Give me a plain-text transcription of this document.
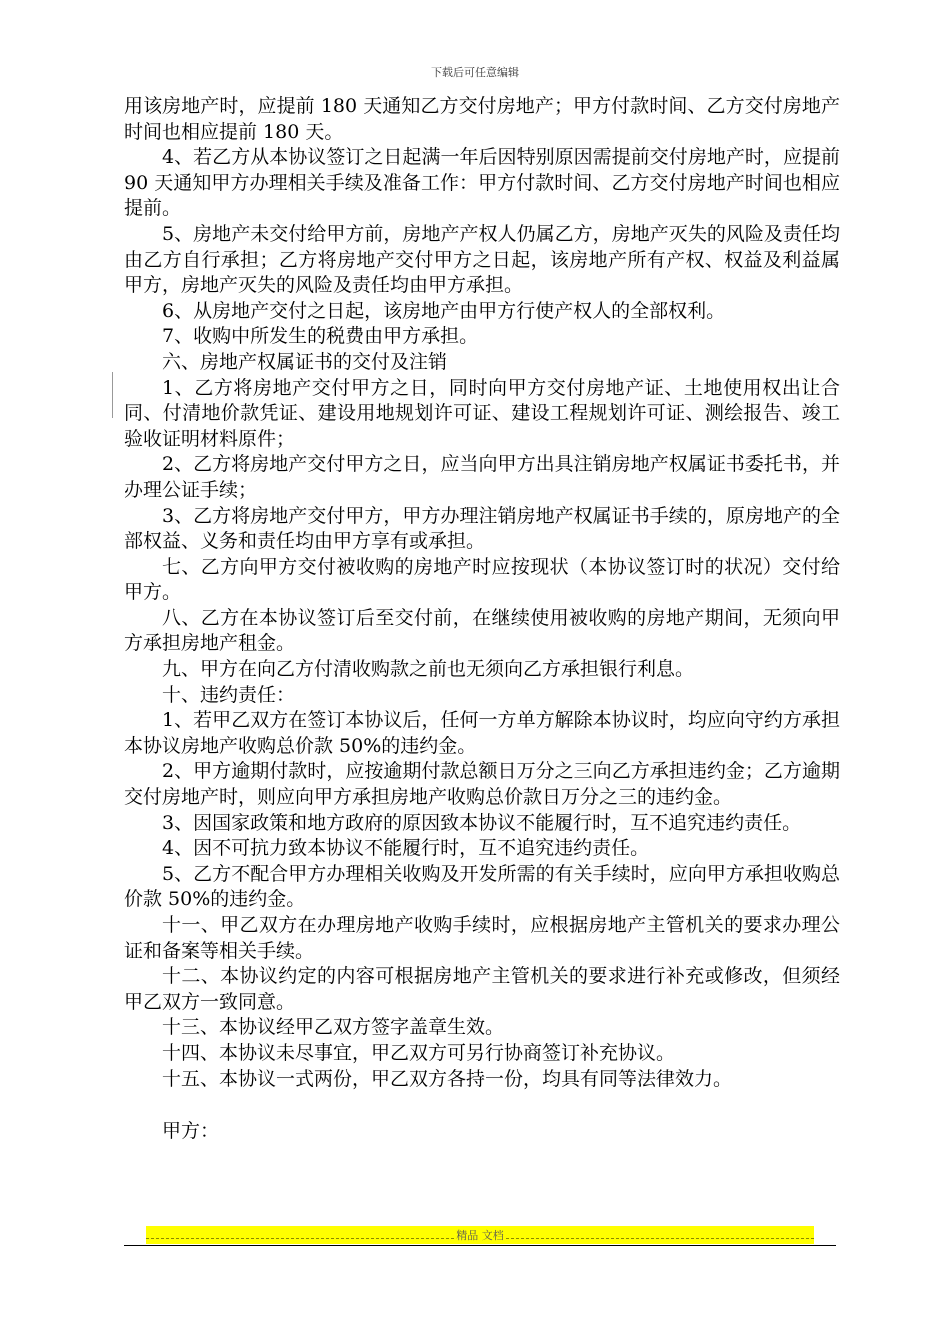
下载后可任意编辑

用该房地产时，应提前 180 天通知乙方交付房地产；甲方付款时间、乙方交付房地产时间也相应提前 180 天。

4、若乙方从本协议签订之日起满一年后因特别原因需提前交付房地产时，应提前 90 天通知甲方办理相关手续及准备工作：甲方付款时间、乙方交付房地产时间也相应提前。

5、房地产未交付给甲方前，房地产产权人仍属乙方，房地产灭失的风险及责任均由乙方自行承担；乙方将房地产交付甲方之日起，该房地产所有产权、权益及利益属甲方，房地产灭失的风险及责任均由甲方承担。

6、从房地产交付之日起，该房地产由甲方行使产权人的全部权利。

7、收购中所发生的税费由甲方承担。

六、房地产权属证书的交付及注销

1、乙方将房地产交付甲方之日，同时向甲方交付房地产证、土地使用权出让合同、付清地价款凭证、建设用地规划许可证、建设工程规划许可证、测绘报告、竣工验收证明材料原件；

2、乙方将房地产交付甲方之日，应当向甲方出具注销房地产权属证书委托书，并办理公证手续；

3、乙方将房地产交付甲方，甲方办理注销房地产权属证书手续的，原房地产的全部权益、义务和责任均由甲方享有或承担。

七、乙方向甲方交付被收购的房地产时应按现状（本协议签订时的状况）交付给甲方。

八、乙方在本协议签订后至交付前，在继续使用被收购的房地产期间，无须向甲方承担房地产租金。

九、甲方在向乙方付清收购款之前也无须向乙方承担银行利息。

十、违约责任：

1、若甲乙双方在签订本协议后，任何一方单方解除本协议时，均应向守约方承担本协议房地产收购总价款 50%的违约金。

2、甲方逾期付款时，应按逾期付款总额日万分之三向乙方承担违约金；乙方逾期交付房地产时，则应向甲方承担房地产收购总价款日万分之三的违约金。

3、因国家政策和地方政府的原因致本协议不能履行时，互不追究违约责任。

4、因不可抗力致本协议不能履行时，互不追究违约责任。

5、乙方不配合甲方办理相关收购及开发所需的有关手续时，应向甲方承担收购总价款 50%的违约金。

十一、甲乙双方在办理房地产收购手续时，应根据房地产主管机关的要求办理公证和备案等相关手续。

十二、本协议约定的内容可根据房地产主管机关的要求进行补充或修改，但须经甲乙双方一致同意。

十三、本协议经甲乙双方签字盖章生效。

十四、本协议未尽事宜，甲乙双方可另行协商签订补充协议。

十五、本协议一式两份，甲乙双方各持一份，均具有同等法律效力。

甲方：

精品 文档
